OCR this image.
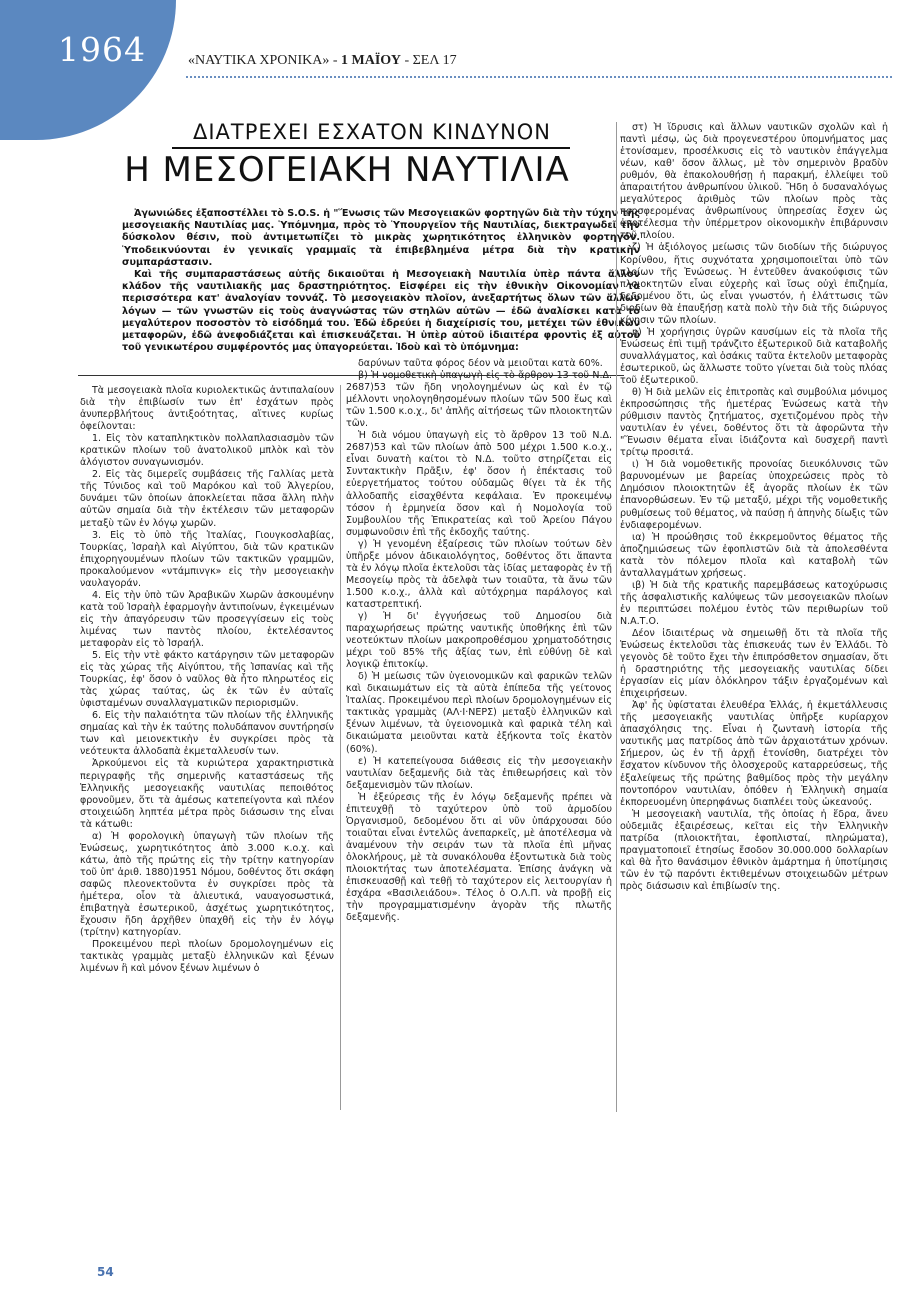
1964	«ΝΑΥΤΙΚΑ ΧΡΟΝΙΚΑ» - 1 ΜΑΪΟΥ - ΣΕΛ 17
ΔΙΑΤΡΕΧΕΙ ΕΣΧΑΤΟΝ ΚΙΝΔΥΝΟΝ
Η ΜΕΣΟΓΕΙΑΚΗ ΝΑΥΤΙΛΙΑ

Ἀγωνιώδες ἐξαποστέλλει τὸ S.O.S. ἡ "Ἕνωσις τῶν Μεσογειακῶν φορτηγῶν διὰ τὴν τύχην τῆς μεσογειακῆς Ναυτιλίας μας. Ὑπόμνημα, πρὸς τὸ Ὑπουργεῖον τῆς Ναυτιλίας, διεκτραγωδεῖ τὴν δύσκολον θέσιν, ποὺ ἀντιμετωπίζει τὸ μικρὰς χωρητικότητος ἑλληνικὸν φορτηγόν. Ὑποδεικνύονται ἐν γενικαῖς γραμμαῖς τὰ ἐπιβεβλημένα μέτρα διὰ τὴν κρατικὴν συμπαράστασιν.

Καὶ τῆς συμπαραστάσεως αὐτῆς δικαιοῦται ἡ Μεσογειακὴ Ναυτιλία ὑπὲρ πάντα ἄλλον κλάδον τῆς ναυτιλιακῆς μας δραστηριότητος. Εἰσφέρει εἰς τὴν ἐθνικὴν Οἰκονομίαν τὰ περισσότερα κατ' ἀναλογίαν τοννάζ. Τὸ μεσογειακὸν πλοῖον, ἀνεξαρτήτως ὅλων τῶν ἄλλων λόγων — τῶν γνωστῶν εἰς τοὺς ἀναγνώστας τῶν στηλῶν αὐτῶν — ἐδῶ ἀναλίσκει κατὰ τὸ μεγαλύτερον ποσοστὸν τὸ εἰσόδημά του. Ἐδῶ ἑδρεύει ἡ διαχείρισίς του, μετέχει τῶν ἐθνικῶν μεταφορῶν, ἐδῶ ἀνεφοδιάζεται καὶ ἐπισκευάζεται. Ἡ ὑπὲρ αὐτοῦ ἰδιαιτέρα φροντὶς ἐξ αὐτοῦ τοῦ γενικωτέρου συμφέροντός μας ὑπαγορεύεται. Ἰδοὺ καὶ τὸ ὑπόμνημα:

Τὰ μεσογειακὰ πλοῖα κυριολεκτικῶς ἀντιπαλαίουν διὰ τὴν ἐπιβίωσίν των ἐπ' ἐσχάτων πρὸς ἀνυπερβλήτους ἀντιξοότητας, αἵτινες κυρίως ὀφείλονται:

1. Εἰς τὸν καταπληκτικὸν πολλαπλασιασμὸν τῶν κρατικῶν πλοίων τοῦ ἀνατολικοῦ μπλὸκ καὶ τὸν ἀλόγιστον συναγωνισμόν.

2. Εἰς τὰς διμερεῖς συμβάσεις τῆς Γαλλίας μετὰ τῆς Τύνιδος καὶ τοῦ Μαρόκου καὶ τοῦ Ἀλγερίου, δυνάμει τῶν ὁποίων ἀποκλείεται πᾶσα ἄλλη πλὴν αὐτῶν σημαία διὰ τὴν ἐκτέλεσιν τῶν μεταφορῶν μεταξὺ τῶν ἐν λόγῳ χωρῶν.

3. Εἰς τὸ ὑπὸ τῆς Ἰταλίας, Γιουγκοσλαβίας, Τουρκίας, Ἰσραὴλ καὶ Αἰγύπτου, διὰ τῶν κρατικῶν ἐπιχορηγουμένων πλοίων τῶν τακτικῶν γραμμῶν, προκαλούμενον «ντάμπινγκ» εἰς τὴν μεσογειακὴν ναυλαγοράν.

4. Εἰς τὴν ὑπὸ τῶν Ἀραβικῶν Χωρῶν ἀσκουμένην κατὰ τοῦ Ἰσραὴλ ἐφαρμογὴν ἀντιποίνων, ἐγκειμένων εἰς τὴν ἀπαγόρευσιν τῶν προσεγγίσεων εἰς τοὺς λιμένας των παντὸς πλοίου, ἐκτελέσαντος μεταφορὰν εἰς τὸ Ἰσραήλ.

5. Εἰς τὴν ντὲ φάκτο κατάργησιν τῶν μεταφορῶν εἰς τὰς χώρας τῆς Αἰγύπτου, τῆς Ἱσπανίας καὶ τῆς Τουρκίας, ἐφ' ὅσον ὁ ναῦλος θὰ ἦτο πληρωτέος εἰς τὰς χώρας ταύτας, ὡς ἐκ τῶν ἐν αὐταῖς ὑφισταμένων συναλλαγματικῶν περιορισμῶν.

6. Εἰς τὴν παλαιότητα τῶν πλοίων τῆς ἑλληνικῆς σημαίας καὶ τὴν ἐκ ταύτης πολυδάπανον συντήρησίν των καὶ μειονεκτικὴν ἐν συγκρίσει πρὸς τὰ νεότευκτα ἀλλοδαπὰ ἐκμεταλλευσίν των.

Ἀρκούμενοι εἰς τὰ κυριώτερα χαρακτηριστικὰ περιγραφῆς τῆς σημερινῆς καταστάσεως τῆς Ἑλληνικῆς μεσογειακῆς ναυτιλίας πεποιθότος φρονοῦμεν, ὅτι τὰ ἀμέσως κατεπείγοντα καὶ πλέον στοιχειώδη ληπτέα μέτρα πρὸς διάσωσιν της εἶναι τὰ κάτωθι:

α) Ἡ φορολογικὴ ὑπαγωγὴ τῶν πλοίων τῆς Ἑνώσεως, χωρητικότητος ἀπὸ 3.000 κ.ο.χ. καὶ κάτω, ἀπὸ τῆς πρώτης εἰς τὴν τρίτην κατηγορίαν τοῦ ὑπ' ἀριθ. 1880)1951 Νόμου, δοθέντος ὅτι σκάφη σαφῶς πλεονεκτοῦντα ἐν συγκρίσει πρὸς τὰ ἡμέτερα, οἷον τὰ ἁλιευτικά, ναυαγοσωστικά, ἐπιβατηγὰ ἐσωτερικοῦ, ἀσχέτως χωρητικότητος, ἔχουσιν ἤδη ἀρχῆθεν ὑπαχθῆ εἰς τὴν ἐν λόγῳ (τρίτην) κατηγορίαν.

Προκειμένου περὶ πλοίων δρομολογημένων εἰς τακτικὰς γραμμὰς μεταξὺ ἑλληνικῶν καὶ ξένων λιμένων ἢ καὶ μόνον ξένων λιμένων ὁ

δαρύνων ταῦτα φόρος δέον νὰ μειοῦται κατὰ 60%.

β) Ἡ νομοθετικὴ ὑπαγωγὴ εἰς τὸ ἄρθρον 13 τοῦ Ν.Δ. 2687)53 τῶν ἤδη νηολογημένων ὡς καὶ ἐν τῷ μέλλοντι νηολογηθησομένων πλοίων τῶν 500 ἕως καὶ τῶν 1.500 κ.ο.χ., δι' ἁπλῆς αἰτήσεως τῶν πλοιοκτητῶν τῶν.

Ἡ διὰ νόμου ὑπαγωγὴ εἰς τὸ ἄρθρον 13 τοῦ Ν.Δ. 2687)53 καὶ τῶν πλοίων ἀπὸ 500 μέχρι 1.500 κ.ο.χ., εἶναι δυνατὴ καίτοι τὸ Ν.Δ. τοῦτο στηρίζεται εἰς Συντακτικὴν Πρᾶξιν, ἐφ' ὅσον ἡ ἐπέκτασις τοῦ εὐεργετήματος τούτου οὐδαμῶς θίγει τὰ ἐκ τῆς ἀλλοδαπῆς εἰσαχθέντα κεφάλαια. Ἐν προκειμένῳ τόσον ἡ ἑρμηνεία ὅσον καὶ ἡ Νομολογία τοῦ Συμβουλίου τῆς Ἐπικρατείας καὶ τοῦ Ἀρείου Πάγου συμφωνοῦσιν ἐπὶ τῆς ἐκδοχῆς ταύτης.

γ) Ἡ γενομένη ἐξαίρεσις τῶν πλοίων τούτων δὲν ὑπῆρξε μόνον ἀδικαιολόγητος, δοθέντος ὅτι ἅπαντα τὰ ἐν λόγῳ πλοῖα ἐκτελοῦσι τὰς ἰδίας μεταφορὰς ἐν τῇ Μεσογείῳ πρὸς τὰ ἀδελφὰ των τοιαῦτα, τὰ ἄνω τῶν 1.500 κ.ο.χ., ἀλλὰ καὶ αὐτόχρημα παράλογος καὶ καταστρεπτική.

γ) Ἡ δι' ἐγγυήσεως τοῦ Δημοσίου διὰ παραχωρήσεως πρώτης ναυτικῆς ὑποθήκης ἐπὶ τῶν νεοτεύκτων πλοίων μακροπροθέσμου χρηματοδότησις μέχρι τοῦ 85% τῆς ἀξίας των, ἐπὶ εὐθύνῃ δὲ καὶ λογικῷ ἐπιτοκίῳ.

δ) Ἡ μείωσις τῶν ὑγειονομικῶν καὶ φαρικῶν τελῶν καὶ δικαιωμάτων εἰς τὰ αὐτὰ ἐπίπεδα τῆς γείτονος Ἰταλίας. Προκειμένου περὶ πλοίων δρομολογημένων εἰς τακτικὰς γραμμὰς (ΑΛ·Ι·ΝΕΡΣ) μεταξὺ ἑλληνικῶν καὶ ξένων λιμένων, τὰ ὑγειονομικὰ καὶ φαρικὰ τέλη καὶ δικαιώματα μειοῦνται κατὰ ἑξήκοντα τοῖς ἑκατὸν (60%).

ε) Ἡ κατεπείγουσα διάθεσις εἰς τὴν μεσογειακὴν ναυτιλίαν δεξαμενῆς διὰ τὰς ἐπιθεωρήσεις καὶ τὸν δεξαμενισμὸν τῶν πλοίων.

Ἡ ἐξεύρεσις τῆς ἐν λόγῳ δεξαμενῆς πρέπει νὰ ἐπιτευχθῇ τὸ ταχύτερον ὑπὸ τοῦ ἁρμοδίου Ὀργανισμοῦ, δεδομένου ὅτι αἱ νῦν ὑπάρχουσαι δύο τοιαῦται εἶναι ἐντελῶς ἀνεπαρκεῖς, μὲ ἀποτέλεσμα νὰ ἀναμένουν τὴν σειράν των τὰ πλοῖα ἐπὶ μῆνας ὁλοκλήρους, μὲ τὰ συνακόλουθα ἐξοντωτικὰ διὰ τοὺς πλοιοκτήτας των ἀποτελέσματα. Ἐπίσης ἀνάγκη νὰ ἐπισκευασθῇ καὶ τεθῇ τὸ ταχύτερον εἰς λειτουργίαν ἡ ἐσχάρα «Βασιλειάδου». Τέλος ὁ Ο.Λ.Π. νὰ προβῇ εἰς τὴν προγραμματισμένην ἀγορὰν τῆς πλωτῆς δεξαμενῆς.

στ) Ἡ ἵδρυσις καὶ ἄλλων ναυτικῶν σχολῶν καὶ ἡ παντὶ μέσῳ, ὡς διὰ προγενεστέρου ὑπομνήματος μας ἐτονίσαμεν, προσέλκυσις εἰς τὸ ναυτικὸν ἐπάγγελμα νέων, καθ' ὅσον ἄλλως, μὲ τὸν σημερινὸν βραδὺν ρυθμόν, θὰ ἐπακολουθήσῃ ἡ παρακμή, ἐλλείψει τοῦ ἀπαραιτήτου ἀνθρωπίνου ὑλικοῦ. Ἤδη ὁ δυσαναλόγως μεγαλύτερος ἀριθμὸς τῶν πλοίων πρὸς τὰς προσφερομένας ἀνθρωπίνους ὑπηρεσίας ἔσχεν ὡς ἀποτέλεσμα τὴν ὑπέρμετρον οἰκονομικὴν ἐπιβάρυνσιν τοῦ πλοίου.

ζ) Ἡ ἀξιόλογος μείωσις τῶν διοδίων τῆς διώρυγος Κορίνθου, ἥτις συχνότατα χρησιμοποιεῖται ὑπὸ τῶν πλοίων τῆς Ἑνώσεως. Ἡ ἐντεῦθεν ἀνακούφισις τῶν πλοιοκτητῶν εἶναι εὐχερὴς καὶ ἴσως οὐχὶ ἐπιζημία, δεδομένου ὅτι, ὡς εἶναι γνωστόν, ἡ ἐλάττωσις τῶν διοδίων θὰ ἐπαυξήσῃ κατὰ πολὺ τὴν διὰ τῆς διώρυγος κίνησιν τῶν πλοίων.

η) Ἡ χορήγησις ὑγρῶν καυσίμων εἰς τὰ πλοῖα τῆς Ἑνώσεως ἐπὶ τιμῇ τράνζιτο ἐξωτερικοῦ διὰ καταβολῆς συναλλάγματος, καὶ ὁσάκις ταῦτα ἐκτελοῦν μεταφορὰς ἐσωτερικοῦ, ὡς ἄλλωστε τοῦτο γίνεται διὰ τοὺς πλόας τοῦ ἐξωτερικοῦ.

θ) Ἡ διὰ μελῶν εἰς ἐπιτροπὰς καὶ συμβούλια μόνιμος ἐκπροσώπησις τῆς ἡμετέρας Ἑνώσεως κατὰ τὴν ρύθμισιν παντὸς ζητήματος, σχετιζομένου πρὸς τὴν ναυτιλίαν ἐν γένει, δοθέντος ὅτι τὰ ἀφορῶντα τὴν "Ἕνωσιν θέματα εἶναι ἰδιάζοντα καὶ δυσχερῆ παντὶ τρίτῳ προσιτά.

ι) Ἡ διὰ νομοθετικῆς προνοίας διευκόλυνσις τῶν βαρυνομένων με βαρείας ὑποχρεώσεις πρὸς τὸ Δημόσιον πλοιοκτητῶν ἐξ ἀγορᾶς πλοίων ἐκ τῶν ἐπανορθώσεων. Ἐν τῷ μεταξύ, μέχρι τῆς νομοθετικῆς ρυθμίσεως τοῦ θέματος, νὰ παύσῃ ἡ ἀπηνὴς δίωξις τῶν ἐνδιαφερομένων.

ια) Ἡ προώθησις τοῦ ἐκκρεμοῦντος θέματος τῆς ἀποζημιώσεως τῶν ἐφοπλιστῶν διὰ τὰ ἀπολεσθέντα κατὰ τὸν πόλεμον πλοῖα καὶ καταβολὴ τῶν ἀνταλλαγμάτων χρήσεως.

ιβ) Ἡ διὰ τῆς κρατικῆς παρεμβάσεως κατοχύρωσις τῆς ἀσφαλιστικῆς καλύψεως τῶν μεσογειακῶν πλοίων ἐν περιπτώσει πολέμου ἐντὸς τῶν περιθωρίων τοῦ Ν.Α.Τ.Ο.

Δέον ἰδιαιτέρως νὰ σημειωθῇ ὅτι τὰ πλοῖα τῆς Ἑνώσεως ἐκτελοῦσι τὰς ἐπισκευάς των ἐν Ἑλλάδι. Τὸ γεγονὸς δὲ τοῦτο ἔχει τὴν ἐπιπρόσθετον σημασίαν, ὅτι ἡ δραστηριότης τῆς μεσογειακῆς ναυτιλίας δίδει ἐργασίαν εἰς μίαν ὁλόκληρον τάξιν ἐργαζομένων καὶ ἐπιχειρήσεων.

Ἀφ' ἧς ὑφίσταται ἐλευθέρα Ἑλλάς, ἡ ἐκμετάλλευσις τῆς μεσογειακῆς ναυτιλίας ὑπῆρξε κυρίαρχον ἀπασχόλησις της. Εἶναι ἡ ζωντανὴ ἱστορία τῆς ναυτικῆς μας πατρίδος ἀπὸ τῶν ἀρχαιοτάτων χρόνων. Σήμερον, ὡς ἐν τῇ ἀρχῇ ἐτονίσθη, διατρέχει τὸν ἔσχατον κίνδυνον τῆς ὁλοσχεροῦς καταρρεύσεως, τῆς ἐξαλείψεως τῆς πρώτης βαθμίδος πρὸς τὴν μεγάλην ποντοπόρον ναυτιλίαν, ὁπόθεν ἡ Ἑλληνικὴ σημαία ἐκπορευομένη ὑπερηφάνως διαπλέει τοὺς ὠκεανούς.

Ἡ μεσογειακὴ ναυτιλία, τῆς ὁποίας ἡ ἕδρα, ἄνευ οὐδεμιᾶς ἐξαιρέσεως, κεῖται εἰς τὴν Ἑλληνικὴν πατρίδα (πλοιοκτῆται, ἐφοπλισταί, πληρώματα), πραγματοποιεῖ ἐτησίως ἔσοδον 30.000.000 δολλαρίων καὶ θὰ ἦτο θανάσιμον ἐθνικὸν ἁμάρτημα ἡ ὑποτίμησις τῶν ἐν τῷ παρόντι ἐκτιθεμένων στοιχειωδῶν μέτρων πρὸς διάσωσιν καὶ ἐπιβίωσίν της.

54
